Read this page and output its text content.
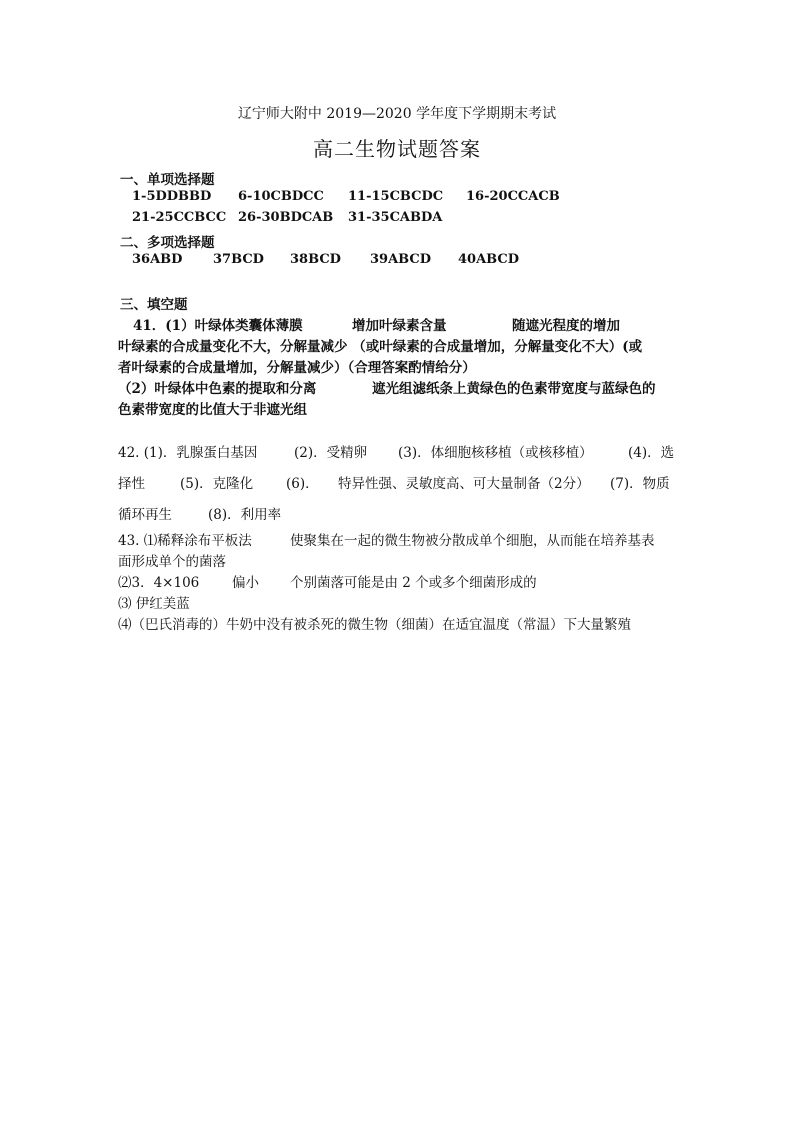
辽宁师大附中 2019—2020 学年度下学期期末考试
高二生物试题答案
一、单项选择题
1-5DDBBD 6-10CBDCC 11-15CBCDC 16-20CCACB
21-25CCBCC 26-30BDCAB 31-35CABDA
二、多项选择题
36ABD 37BCD 38BCD 39ABCD 40ABCD
三、填空题
41．(1）叶绿体类囊体薄膜	增加叶绿素含量	随遮光程度的增加
叶绿素的合成量变化不大，分解量减少 （或叶绿素的合成量增加，分解量变化不大）(或
者叶绿素的合成量增加，分解量减少）（合理答案酌情给分）
（2）叶绿体中色素的提取和分离	遮光组滤纸条上黄绿色的色素带宽度与蓝绿色的
色素带宽度的比值大于非遮光组
42. (1)．乳腺蛋白基因	(2)．受精卵 (3)．体细胞核移植（或核移植）	(4)．选
择性	(5)．克隆化 (6)． 特异性强、灵敏度高、可大量制备（2分） (7)．物质
循环再生	(8)．利用率
43. ⑴稀释涂布平板法	使聚集在一起的微生物被分散成单个细胞，从而能在培养基表
面形成单个的菌落
⑵3．4×106 偏小 个别菌落可能是由 2 个或多个细菌形成的
⑶ 伊红美蓝
⑷（巴氏消毒的）牛奶中没有被杀死的微生物（细菌）在适宜温度（常温）下大量繁殖
